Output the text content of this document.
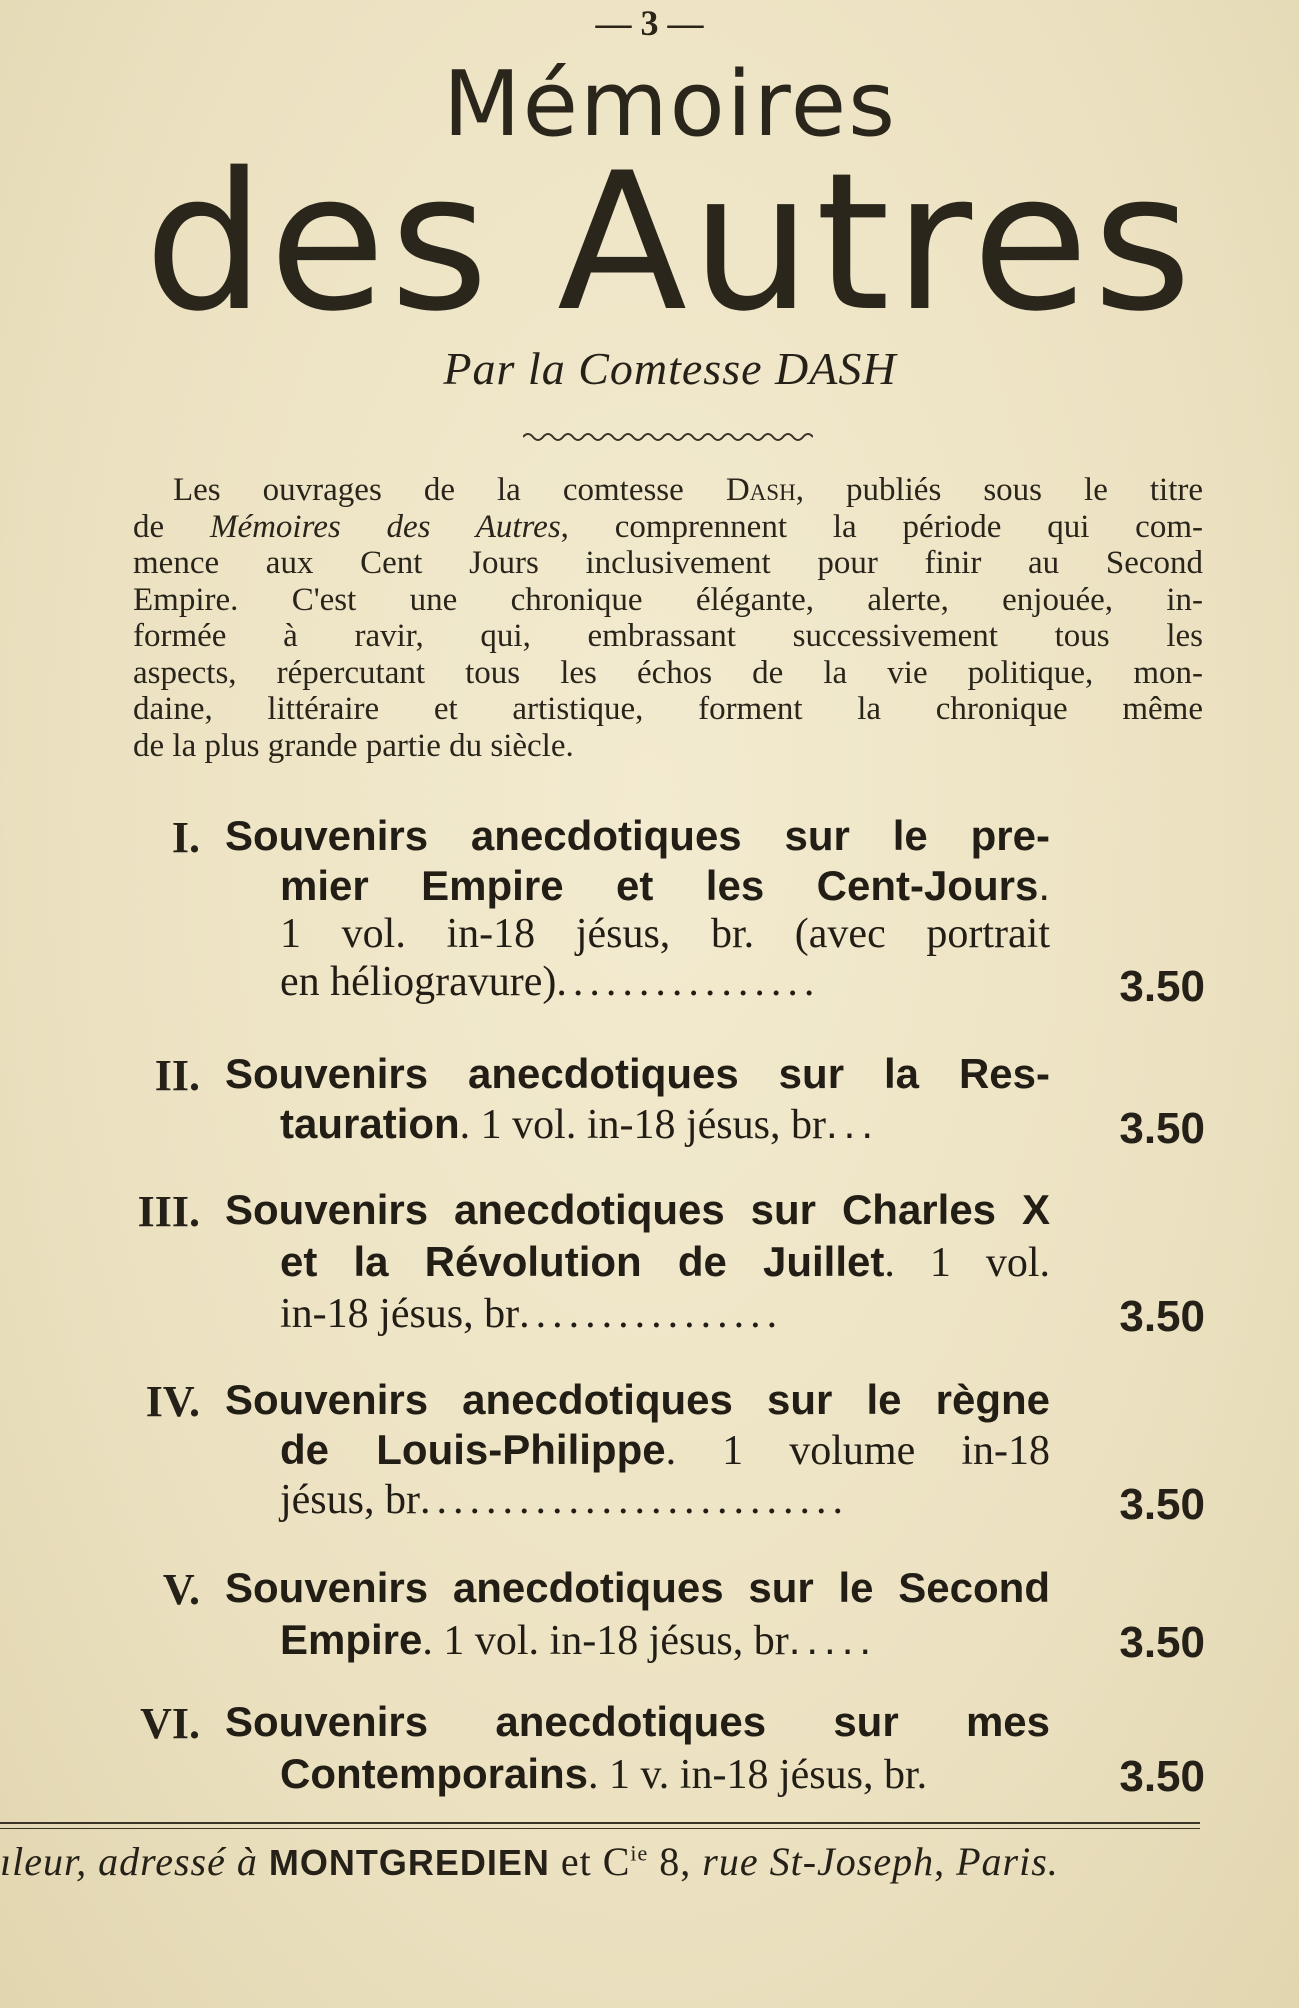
— 3 —
Mémoires
des Autres
Par la Comtesse DASH
Les ouvrages de la comtesse Dash, publiés sous le titre
de Mémoires des Autres, comprennent la période qui com-
mence aux Cent Jours inclusivement pour finir au Second
Empire. C'est une chronique élégante, alerte, enjouée, in-
formée à ravir, qui, embrassant successivement tous les
aspects, répercutant tous les échos de la vie politique, mon-
daine, littéraire et artistique, forment la chronique même
de la plus grande partie du siècle.
I. Souvenirs anecdotiques sur le pre-
mier Empire et les Cent-Jours.
1 vol. in-18 jésus, br. (avec portrait
en héliogravure)................	3.50
II. Souvenirs anecdotiques sur la Res-
tauration. 1 vol. in-18 jésus, br...	3.50
III. Souvenirs anecdotiques sur Charles X
et la Révolution de Juillet. 1 vol.
in-18 jésus, br................	3.50
IV. Souvenirs anecdotiques sur le règne
de Louis-Philippe. 1 volume in-18
jésus, br..........................	3.50
V. Souvenirs anecdotiques sur le Second
Empire. 1 vol. in-18 jésus, br.....	3.50
VI. Souvenirs anecdotiques sur mes
Contemporains. 1 v. in-18 jésus, br.	3.50
ıleur, adressé à MONTGREDIEN et $C^{ie}$ 8, rue St-Joseph, Paris.
